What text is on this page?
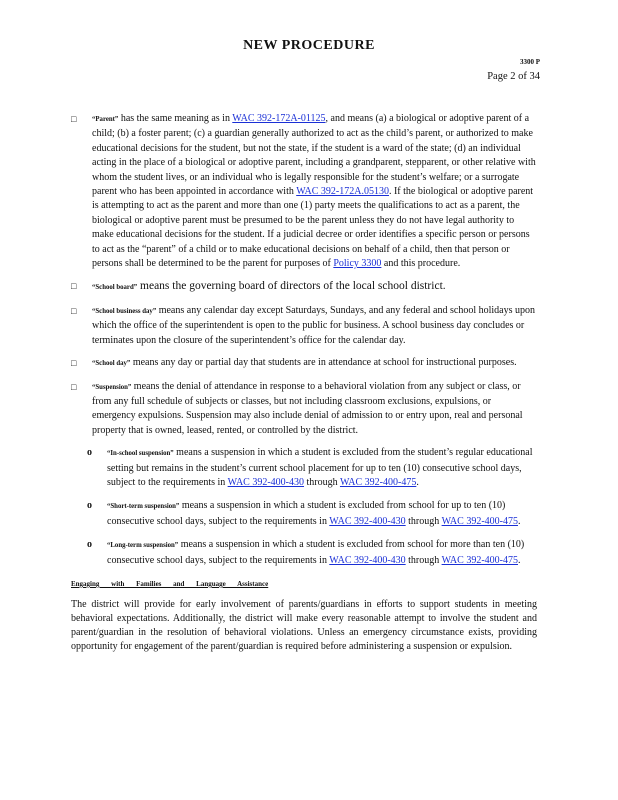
NEW PROCEDURE
3300 P
Page 2 of 34
□ “Parent” has the same meaning as in WAC 392-172A-01125, and means (a) a biological or adoptive parent of a child; (b) a foster parent; (c) a guardian generally authorized to act as the child’s parent, or authorized to make educational decisions for the student, but not the state, if the student is a ward of the state; (d) an individual acting in the place of a biological or adoptive parent, including a grandparent, stepparent, or other relative with whom the student lives, or an individual who is legally responsible for the student’s welfare; or a surrogate parent who has been appointed in accordance with WAC 392-172A.05130. If the biological or adoptive parent is attempting to act as the parent and more than one (1) party meets the qualifications to act as a parent, the biological or adoptive parent must be presumed to be the parent unless they do not have legal authority to make educational decisions for the student. If a judicial decree or order identifies a specific person or persons to act as the “parent” of a child or to make educational decisions on behalf of a child, then that person or persons shall be determined to be the parent for purposes of Policy 3300 and this procedure.
□ “School board” means the governing board of directors of the local school district.
□ “School business day” means any calendar day except Saturdays, Sundays, and any federal and school holidays upon which the office of the superintendent is open to the public for business. A school business day concludes or terminates upon the closure of the superintendent’s office for the calendar day.
□ “School day” means any day or partial day that students are in attendance at school for instructional purposes.
□ “Suspension” means the denial of attendance in response to a behavioral violation from any subject or class, or from any full schedule of subjects or classes, but not including classroom exclusions, expulsions, or emergency expulsions. Suspension may also include denial of admission to or entry upon, real and personal property that is owned, leased, rented, or controlled by the district.
o “In-school suspension” means a suspension in which a student is excluded from the student’s regular educational setting but remains in the student’s current school placement for up to ten (10) consecutive school days, subject to the requirements in WAC 392-400-430 through WAC 392-400-475.
o “Short-term suspension” means a suspension in which a student is excluded from school for up to ten (10) consecutive school days, subject to the requirements in WAC 392-400-430 through WAC 392-400-475.
o “Long-term suspension” means a suspension in which a student is excluded from school for more than ten (10) consecutive school days, subject to the requirements in WAC 392-400-430 through WAC 392-400-475.
Engaging with Families and Language Assistance
The district will provide for early involvement of parents/guardians in efforts to support students in meeting behavioral expectations. Additionally, the district will make every reasonable attempt to involve the student and parent/guardian in the resolution of behavioral violations. Unless an emergency circumstance exists, providing opportunity for engagement of the parent/guardian is required before administering a suspension or expulsion.
